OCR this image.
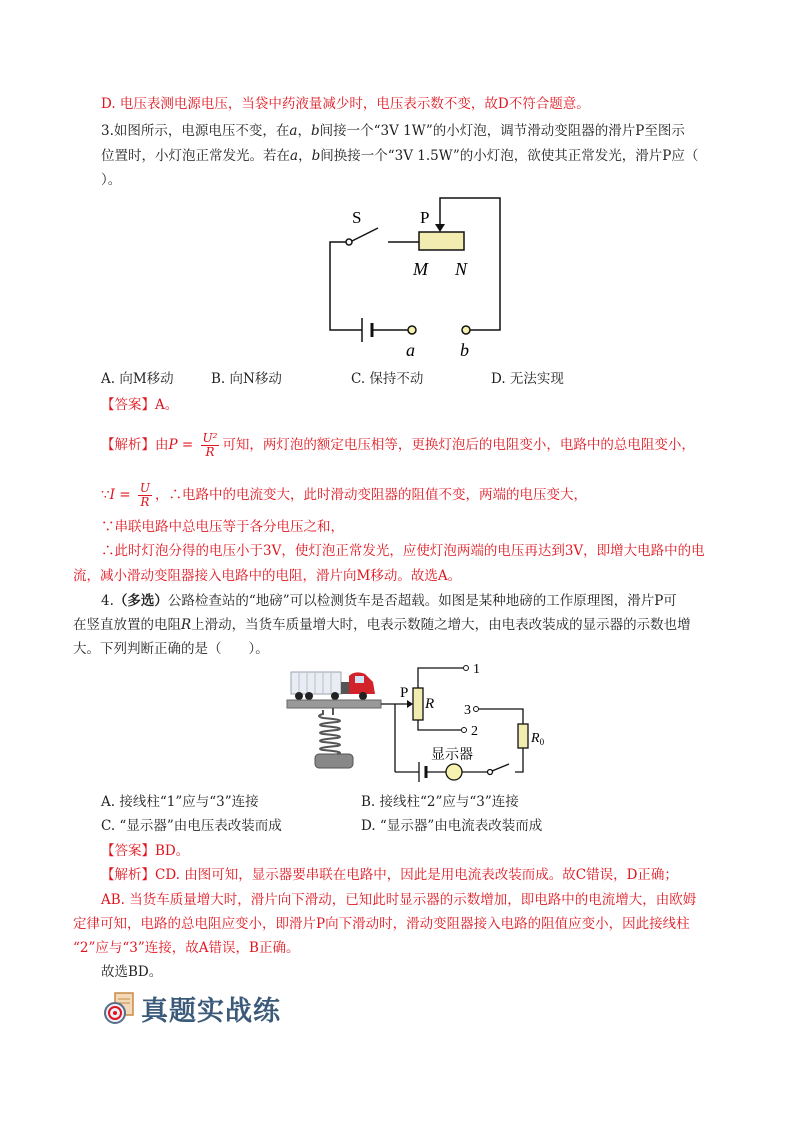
D. 电压表测电源电压，当袋中药液量减少时，电压表示数不变，故D不符合题意。
3.如图所示，电源电压不变，在a，b间接一个“3V 1W”的小灯泡，调节滑动变阻器的滑片P至图示
位置时，小灯泡正常发光。若在a，b间换接一个“3V 1.5W”的小灯泡，欲使其正常发光，滑片P应（
）。
S	P
M N
a	b
A. 向M移动	B. 向N移动	C. 保持不动	D. 无法实现
【答案】A。
【解析】由$P = \frac{\text{U²}}{R}$ 可知，两灯泡的额定电压相等，更换灯泡后的电阻变小，电路中的总电阻变小，
∵I = $\frac{U}{R}$ ，∴电路中的电流变大，此时滑动变阻器的阻值不变，两端的电压变大，
∵串联电路中总电压等于各分电压之和，
∴此时灯泡分得的电压小于3V，使灯泡正常发光，应使灯泡两端的电压再达到3V，即增大电路中的电
流，减小滑动变阻器接入电路中的电阻，滑片向M移动。故选A。
4.（多选）公路检查站的“地磅”可以检测货车是否超载。如图是某种地磅的工作原理图，滑片P可
在竖直放置的电阻R上滑动，当货车质量增大时，电表示数随之增大，由电表改装成的显示器的示数也增
大。下列判断正确的是（　　）。
P
R
1
2
3
$R_0$
显示器
A. 接线柱“1”应与“3”连接	B. 接线柱“2”应与“3”连接
C. “显示器”由电压表改装而成	D. “显示器”由电流表改装而成
【答案】BD。
【解析】CD. 由图可知，显示器要串联在电路中，因此是用电流表改装而成。故C错误，D正确；
AB. 当货车质量增大时，滑片向下滑动，已知此时显示器的示数增加，即电路中的电流增大，由欧姆
定律可知，电路的总电阻应变小，即滑片P向下滑动时，滑动变阻器接入电路的阻值应变小，因此接线柱
“2”应与“3”连接，故A错误，B正确。
故选BD。
真题实战练
